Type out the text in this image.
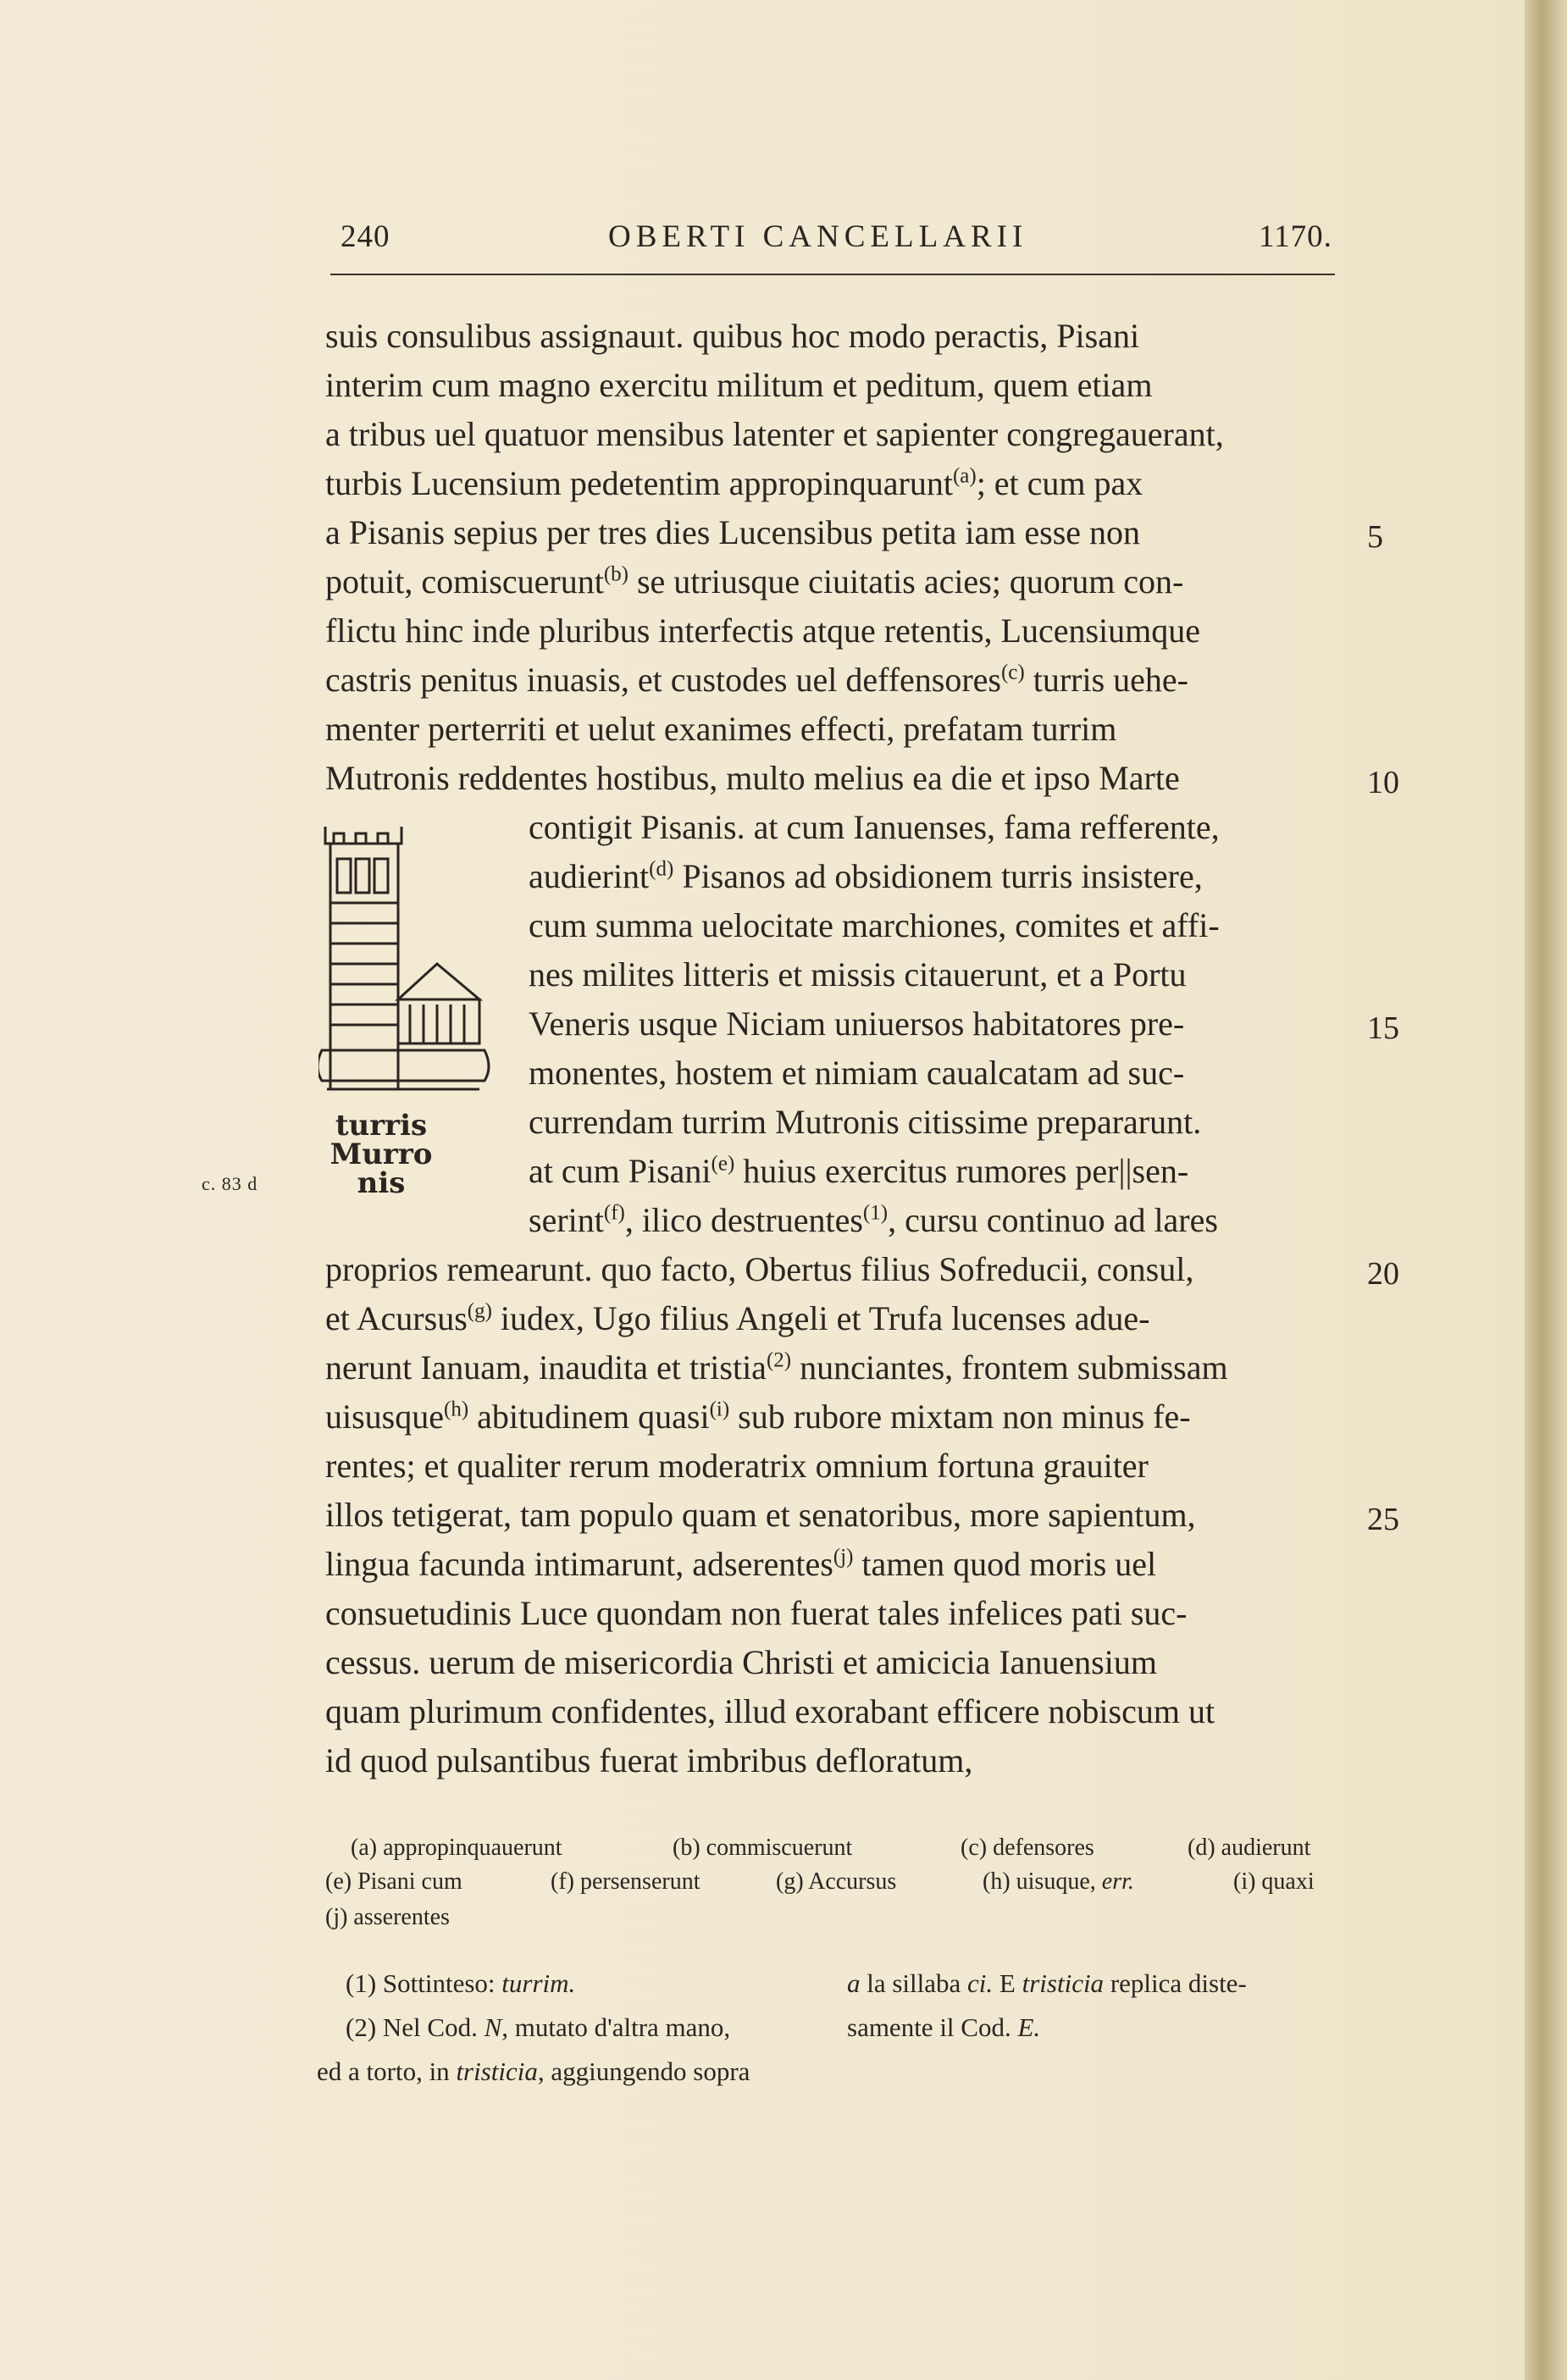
240	OBERTI CANCELLARII	1170.
suis consulibus assignauıt. quibus hoc modo peractis, Pisani
interim cum magno exercitu militum et peditum, quem etiam
a tribus uel quatuor mensibus latenter et sapienter congregauerant,
turbis Lucensium pedetentim appropinquarunt$^{(a)}$; et cum pax
a Pisanis sepius per tres dies Lucensibus petita iam esse non
potuit, comiscuerunt$^{(b)}$ se utriusque ciuitatis acies; quorum con-
flictu hinc inde pluribus interfectis atque retentis, Lucensiumque
castris penitus inuasis, et custodes uel deffensores$^{(c)}$ turris uehe-
menter perterriti et uelut exanimes effecti, prefatam turrim
Mutronis reddentes hostibus, multo melius ea die et ipso Marte
contigit Pisanis. at cum Ianuenses, fama refferente,
audierint$^{(d)}$ Pisanos ad obsidionem turris insistere,
cum summa uelocitate marchiones, comites et affi-
nes milites litteris et missis citauerunt, et a Portu
Veneris usque Niciam uniuersos habitatores pre-
monentes, hostem et nimiam caualcatam ad suc-
currendam turrim Mutronis citissime prepararunt.
at cum Pisani$^{(e)}$ huius exercitus rumores per||sen-
serint$^{(f)}$, ilico destruentes$^{(1)}$, cursu continuo ad lares
proprios remearunt. quo facto, Obertus filius Sofreducii, consul,
et Acursus$^{(g)}$ iudex, Ugo filius Angeli et Trufa lucenses adue-
nerunt Ianuam, inaudita et tristia$^{(2)}$ nunciantes, frontem submissam
uisusque$^{(h)}$ abitudinem quasi$^{(i)}$ sub rubore mixtam non minus fe-
rentes; et qualiter rerum moderatrix omnium fortuna grauiter
illos tetigerat, tam populo quam et senatoribus, more sapientum,
lingua facunda intimarunt, adserentes$^{(j)}$ tamen quod moris uel
consuetudinis Luce quondam non fuerat tales infelices pati suc-
cessus. uerum de misericordia Christi et amicicia Ianuensium
quam plurimum confidentes, illud exorabant efficere nobiscum ut
id quod pulsantibus fuerat imbribus defloratum,
5
10
15
20
25
c. 83 d
turris
Murro
nis
(a) appropinquauerunt	(b) commiscuerunt	(c) defensores	(d) audierunt
(e) Pisani cum	(f) persenserunt	(g) Accursus	(h) uisuque, err.	(i) quaxi
(j) asserentes
(1) Sottinteso: turrim.
(2) Nel Cod. N, mutato d'altra mano,
ed a torto, in tristicia, aggiungendo sopra
a la sillaba ci. E tristicia replica diste-
samente il Cod. E.
